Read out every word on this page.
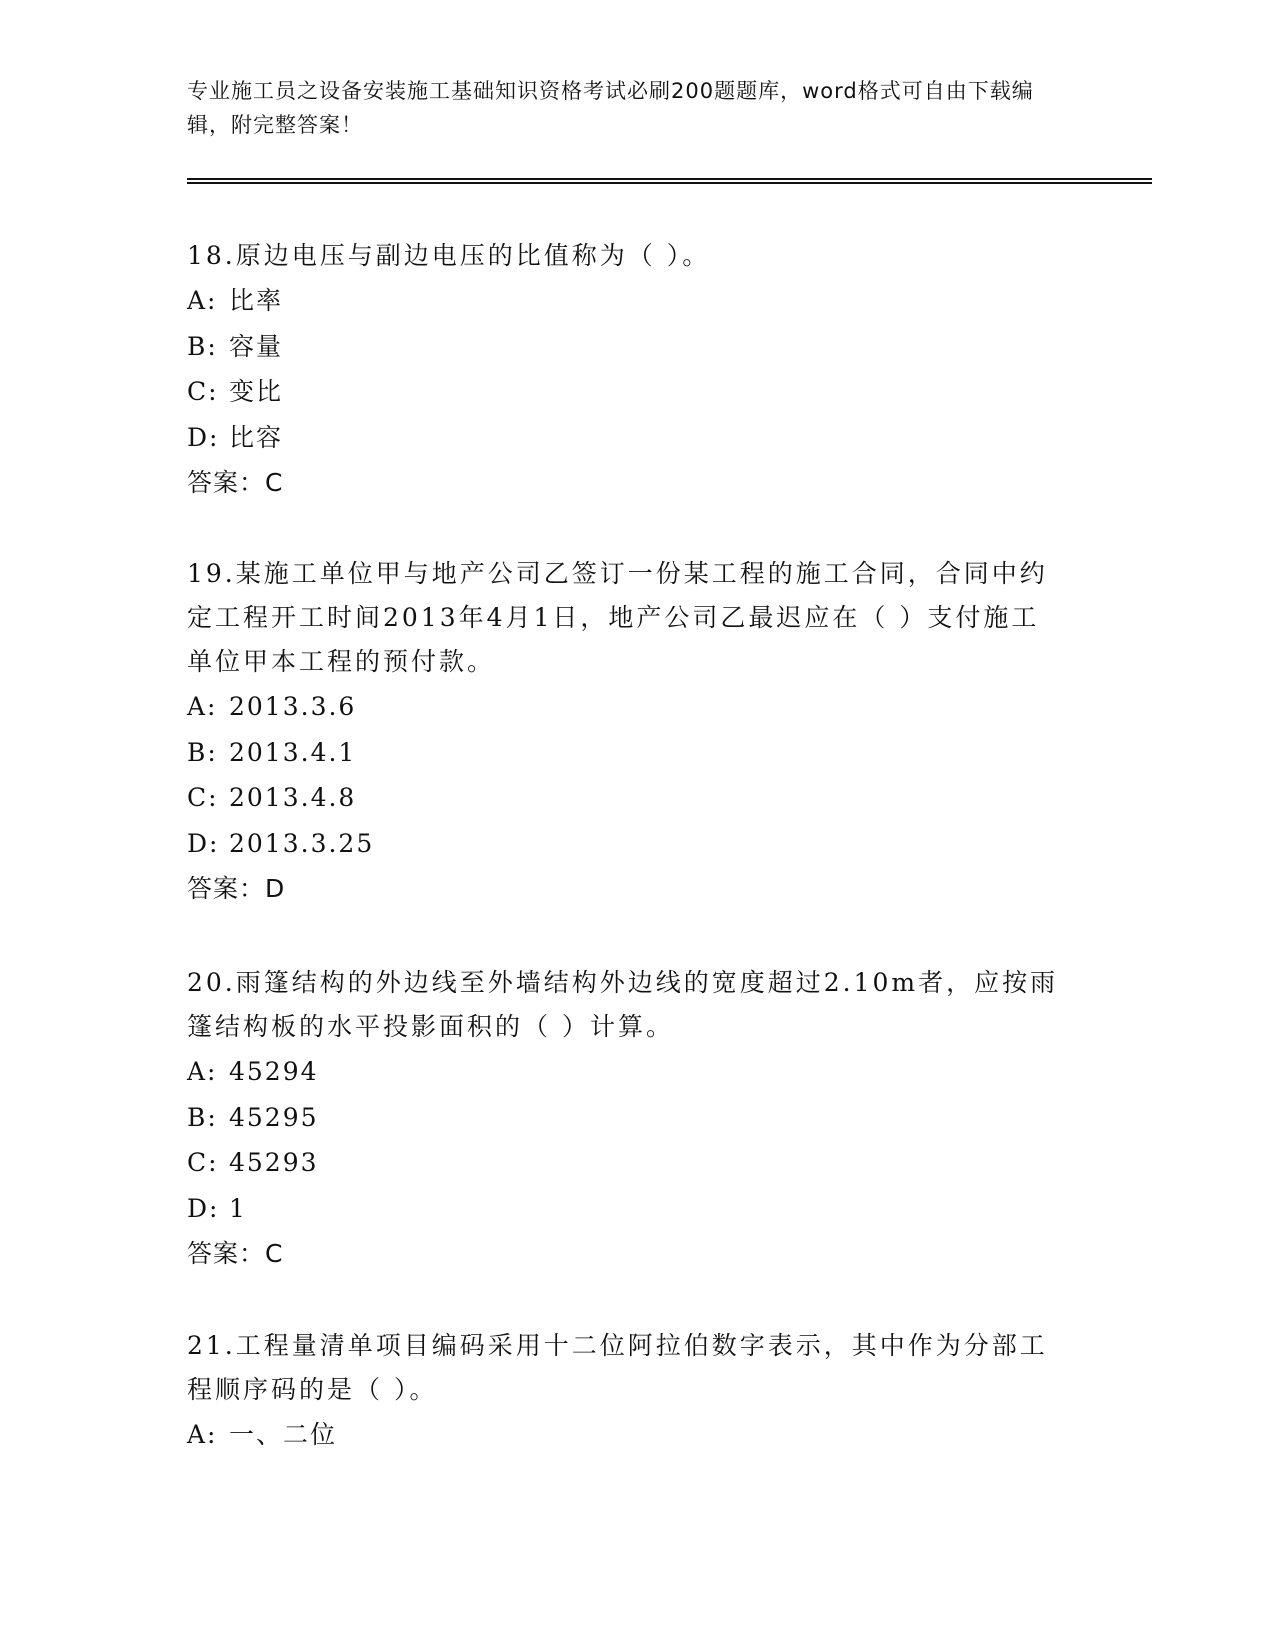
专业施工员之设备安装施工基础知识资格考试必刷200题题库，word格式可自由下载编辑，附完整答案！

18.原边电压与副边电压的比值称为（ ）。

A: 比率

B: 容量

C: 变比

D: 比容

答案：C

19.某施工单位甲与地产公司乙签订一份某工程的施工合同，合同中约定工程开工时间2013年4月1日，地产公司乙最迟应在（ ）支付施工单位甲本工程的预付款。

A: 2013.3.6

B: 2013.4.1

C: 2013.4.8

D: 2013.3.25

答案：D

20.雨篷结构的外边线至外墙结构外边线的宽度超过2.10m者，应按雨篷结构板的水平投影面积的（ ）计算。

A: 45294

B: 45295

C: 45293

D: 1

答案：C

21.工程量清单项目编码采用十二位阿拉伯数字表示，其中作为分部工程顺序码的是（ ）。

A: 一、二位
